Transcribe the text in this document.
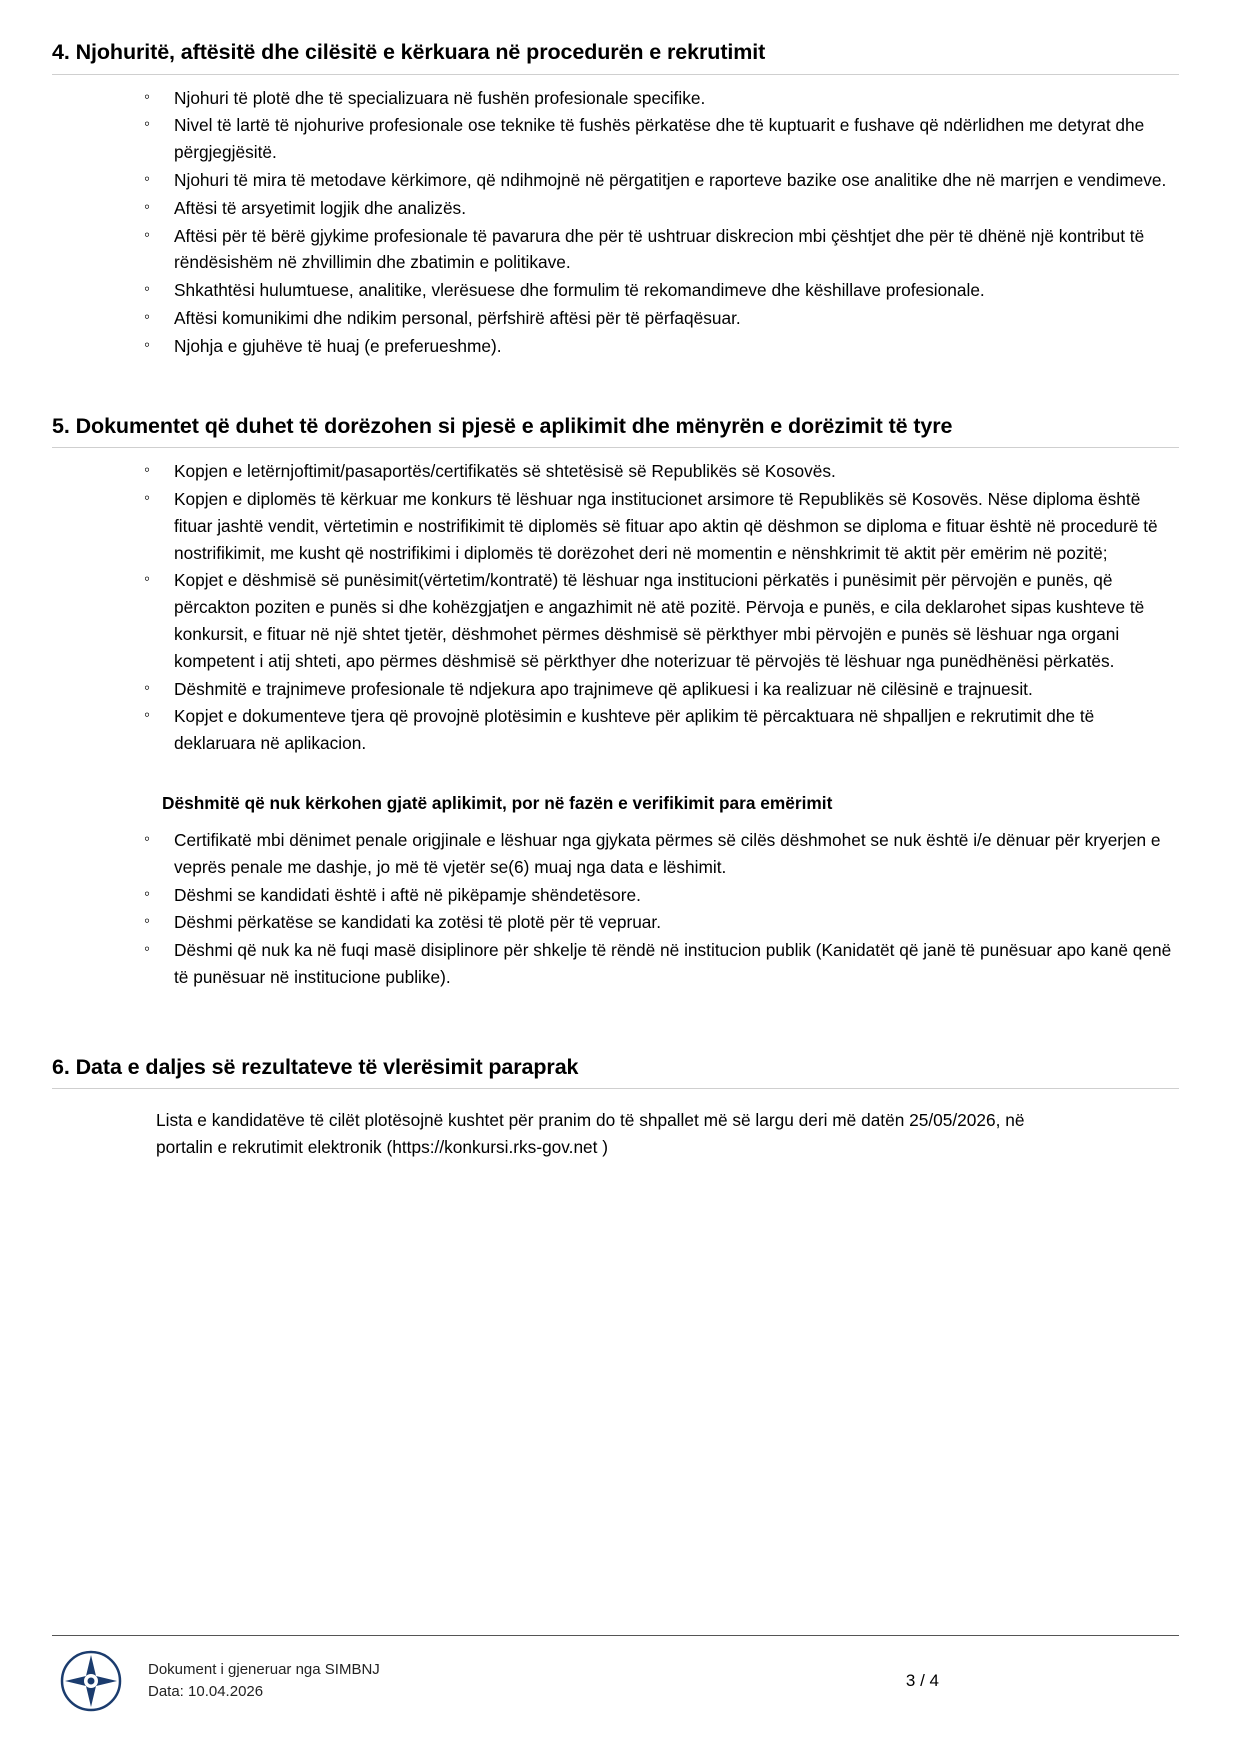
4. Njohuritë, aftësitë dhe cilësitë e kërkuara në procedurën e rekrutimit
◦ Njohuri të plotë dhe të specializuara në fushën profesionale specifike.
◦ Nivel të lartë të njohurive profesionale ose teknike të fushës përkatëse dhe të kuptuarit e fushave që ndërlidhen me detyrat dhe përgjegjësitë.
◦ Njohuri të mira të metodave kërkimore, që ndihmojnë në përgatitjen e raporteve bazike ose analitike dhe në marrjen e vendimeve.
◦ Aftësi të arsyetimit logjik dhe analizës.
◦ Aftësi për të bërë gjykime profesionale të pavarura dhe për të ushtruar diskrecion mbi çështjet dhe për të dhënë një kontribut të rëndësishëm në zhvillimin dhe zbatimin e politikave.
◦ Shkathtësi hulumtuese, analitike, vlerësuese dhe formulim të rekomandimeve dhe këshillave profesionale.
◦ Aftësi komunikimi dhe ndikim personal, përfshirë aftësi për të përfaqësuar.
◦ Njohja e gjuhëve të huaj (e preferueshme).
5. Dokumentet që duhet të dorëzohen si pjesë e aplikimit dhe mënyrën e dorëzimit të tyre
◦ Kopjen e letërnjoftimit/pasaportës/certifikatës së shtetësisë së Republikës së Kosovës.
◦ Kopjen e diplomës të kërkuar me konkurs të lëshuar nga institucionet arsimore të Republikës së Kosovës. Nëse diploma është fituar jashtë vendit, vërtetimin e nostrifikimit të diplomës së fituar apo aktin që dëshmon se diploma e fituar është në procedurë të nostrifikimit, me kusht që nostrifikimi i diplomës të dorëzohet deri në momentin e nënshkrimit të aktit për emërim në pozitë;
◦ Kopjet e dëshmisë së punësimit(vërtetim/kontratë) të lëshuar nga institucioni përkatës i punësimit për përvojën e punës, që përcakton poziten e punës si dhe kohëzgjatjen e angazhimit në atë pozitë. Përvoja e punës, e cila deklarohet sipas kushteve të konkursit, e fituar në një shtet tjetër, dëshmohet përmes dëshmisë së përkthyer mbi përvojën e punës së lëshuar nga organi kompetent i atij shteti, apo përmes dëshmisë së përkthyer dhe noterizuar të përvojës të lëshuar nga punëdhënësi përkatës.
◦ Dëshmitë e trajnimeve profesionale të ndjekura apo trajnimeve që aplikuesi i ka realizuar në cilësinë e trajnuesit.
◦ Kopjet e dokumenteve tjera që provojnë plotësimin e kushteve për aplikim të përcaktuara në shpalljen e rekrutimit dhe të deklaruara në aplikacion.

Dëshmitë që nuk kërkohen gjatë aplikimit, por në fazën e verifikimit para emërimit

◦ Certifikatë mbi dënimet penale origjinale e lëshuar nga gjykata përmes së cilës dëshmohet se nuk është i/e dënuar për kryerjen e veprës penale me dashje, jo më të vjetër se(6) muaj nga data e lëshimit.
◦ Dëshmi se kandidati është i aftë në pikëpamje shëndetësore.
◦ Dëshmi përkatëse se kandidati ka zotësi të plotë për të vepruar.
◦ Dëshmi që nuk ka në fuqi masë disiplinore për shkelje të rëndë në institucion publik (Kanidatët që janë të punësuar apo kanë qenë të punësuar në institucione publike).
6. Data e daljes së rezultateve të vlerësimit paraprak

Lista e kandidatëve të cilët plotësojnë kushtet për pranim do të shpallet më së largu deri më datën 25/05/2026, në portalin e rekrutimit elektronik (https://konkursi.rks-gov.net )

Dokument i gjeneruar nga SIMBNJ
Data: 10.04.2026
3 / 4
